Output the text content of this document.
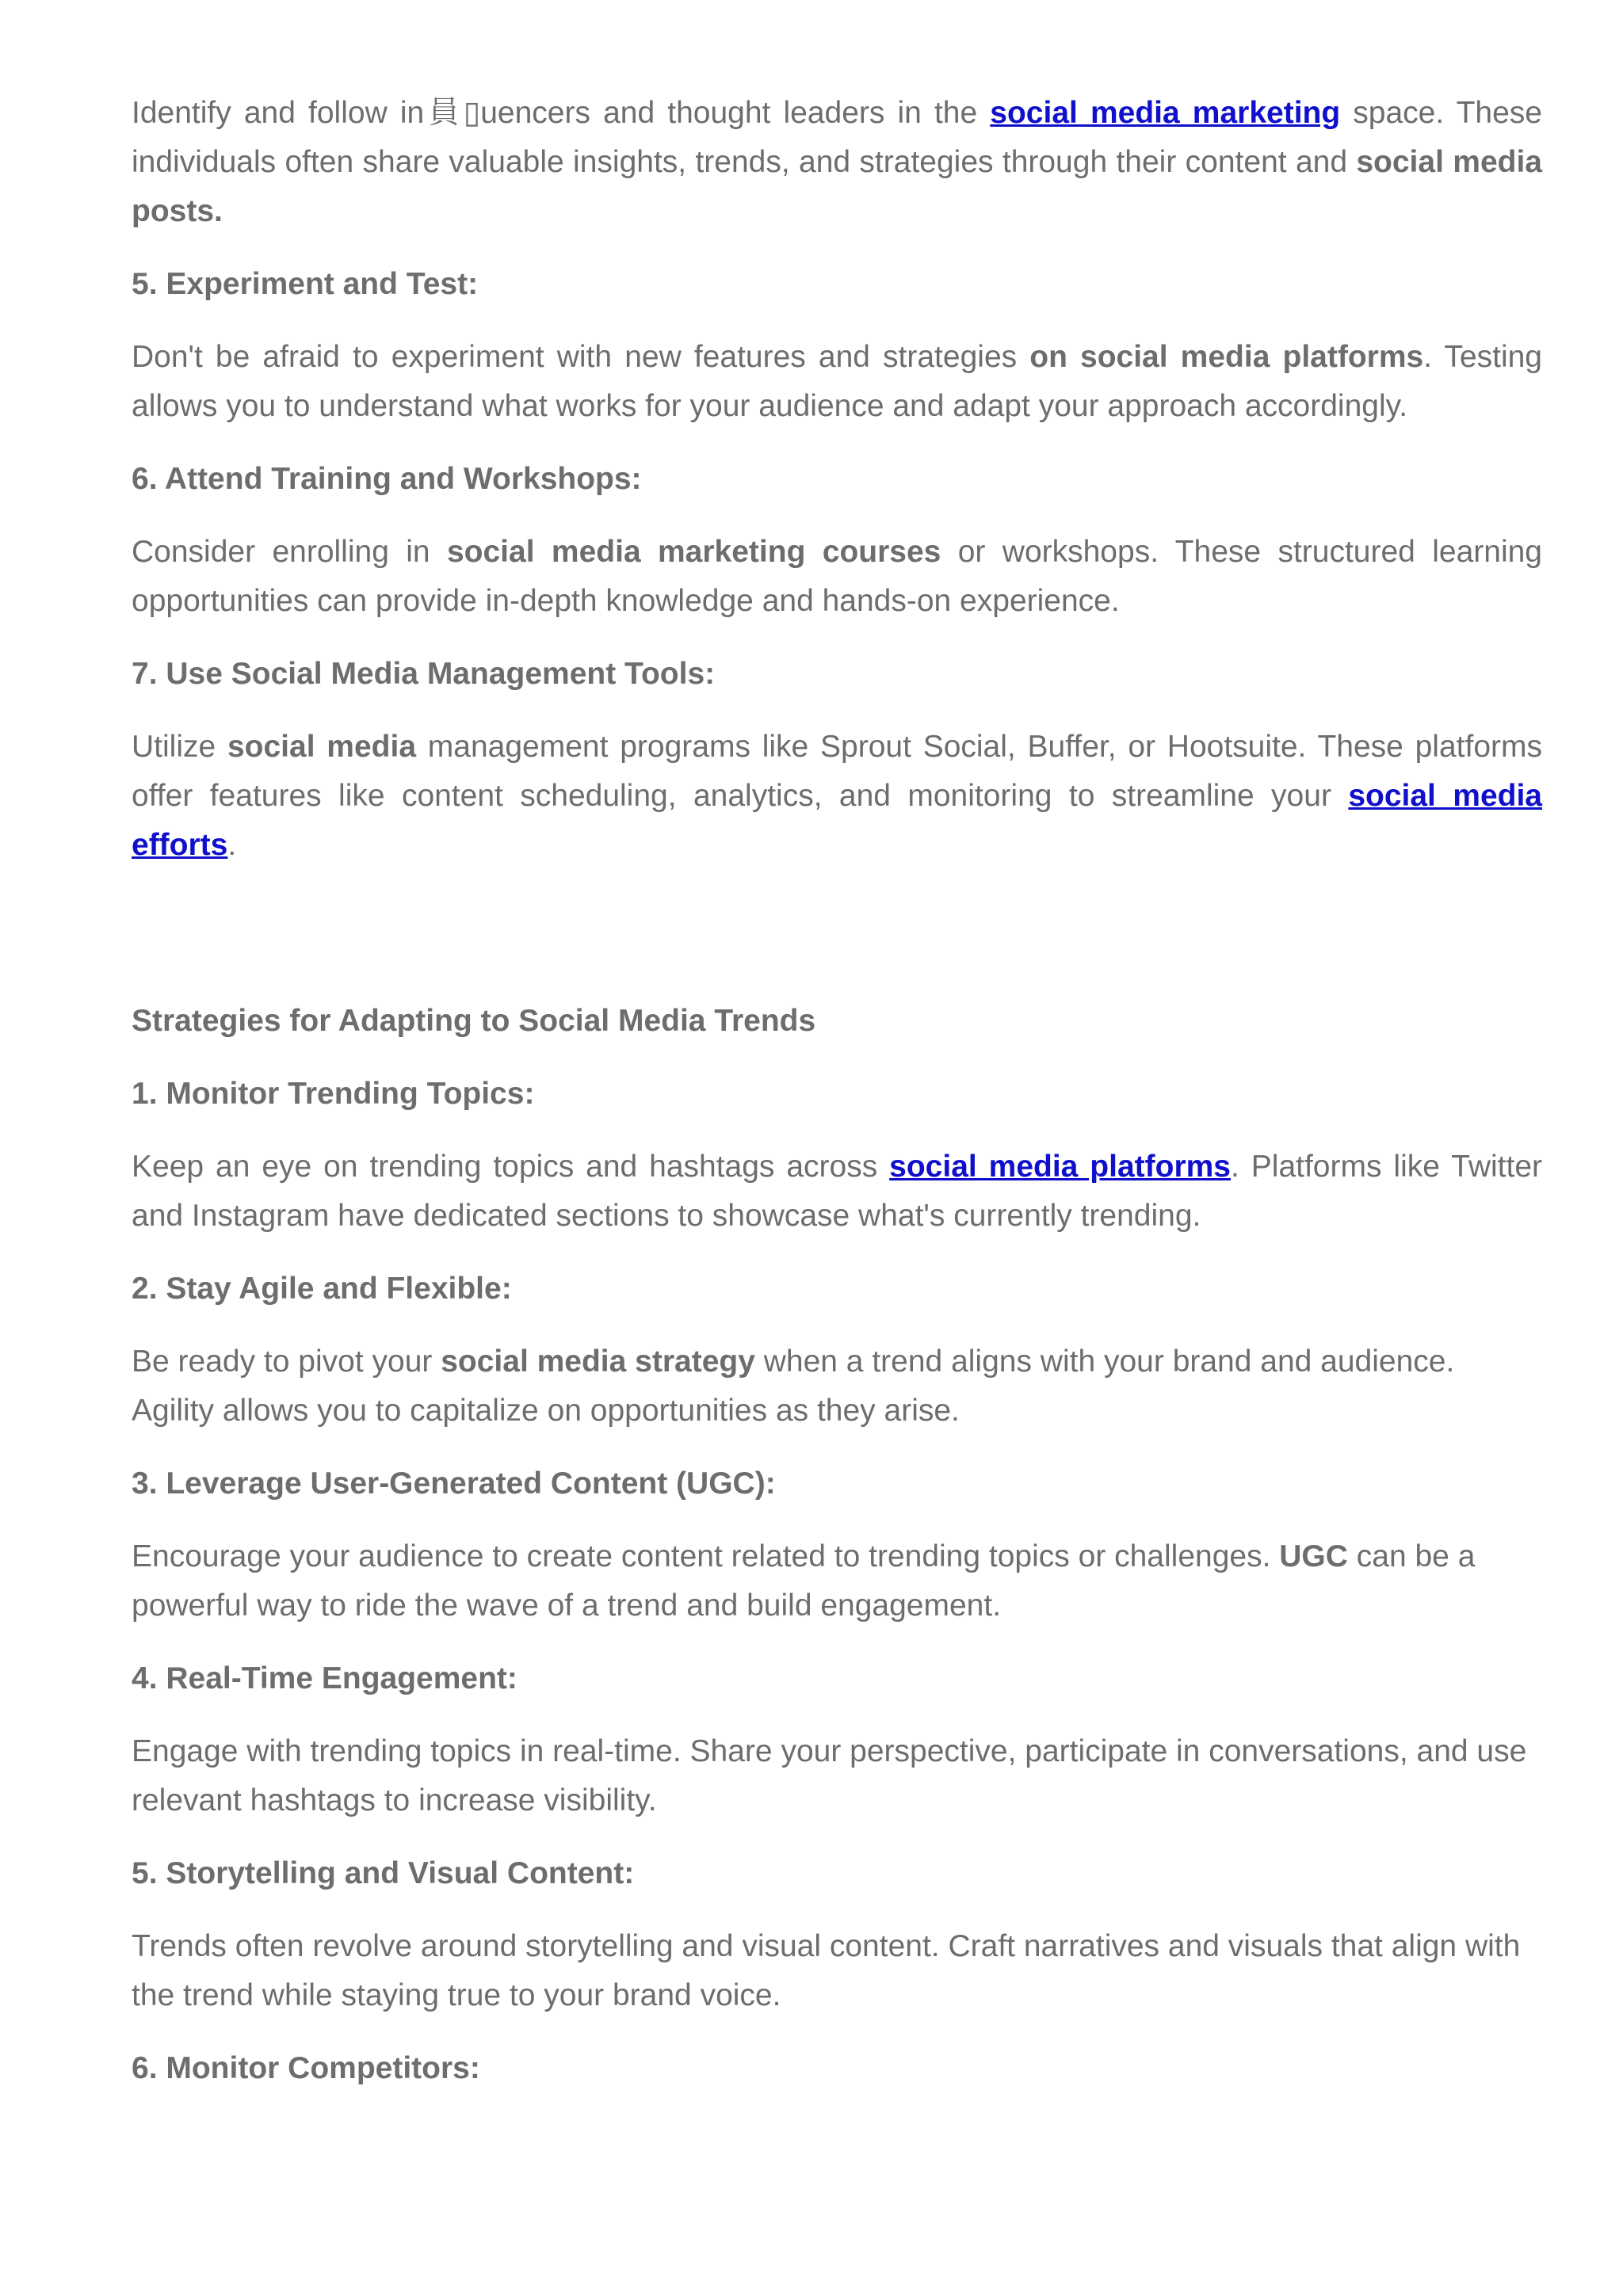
Identify and follow in員▯uencers and thought leaders in the social media marketing space. These individuals often share valuable insights, trends, and strategies through their content and social media posts.

5. Experiment and Test:

Don't be afraid to experiment with new features and strategies on social media platforms. Testing allows you to understand what works for your audience and adapt your approach accordingly.

6. Attend Training and Workshops:

Consider enrolling in social media marketing courses or workshops. These structured learning opportunities can provide in-depth knowledge and hands-on experience.

7. Use Social Media Management Tools:

Utilize social media management programs like Sprout Social, Buffer, or Hootsuite. These platforms offer features like content scheduling, analytics, and monitoring to streamline your social media efforts.

Strategies for Adapting to Social Media Trends

1. Monitor Trending Topics:

Keep an eye on trending topics and hashtags across social media platforms. Platforms like Twitter and Instagram have dedicated sections to showcase what's currently trending.

2. Stay Agile and Flexible:

Be ready to pivot your social media strategy when a trend aligns with your brand and audience. Agility allows you to capitalize on opportunities as they arise.

3. Leverage User-Generated Content (UGC):

Encourage your audience to create content related to trending topics or challenges. UGC can be a powerful way to ride the wave of a trend and build engagement.

4. Real-Time Engagement:

Engage with trending topics in real-time. Share your perspective, participate in conversations, and use relevant hashtags to increase visibility.

5. Storytelling and Visual Content:

Trends often revolve around storytelling and visual content. Craft narratives and visuals that align with the trend while staying true to your brand voice.

6. Monitor Competitors:
